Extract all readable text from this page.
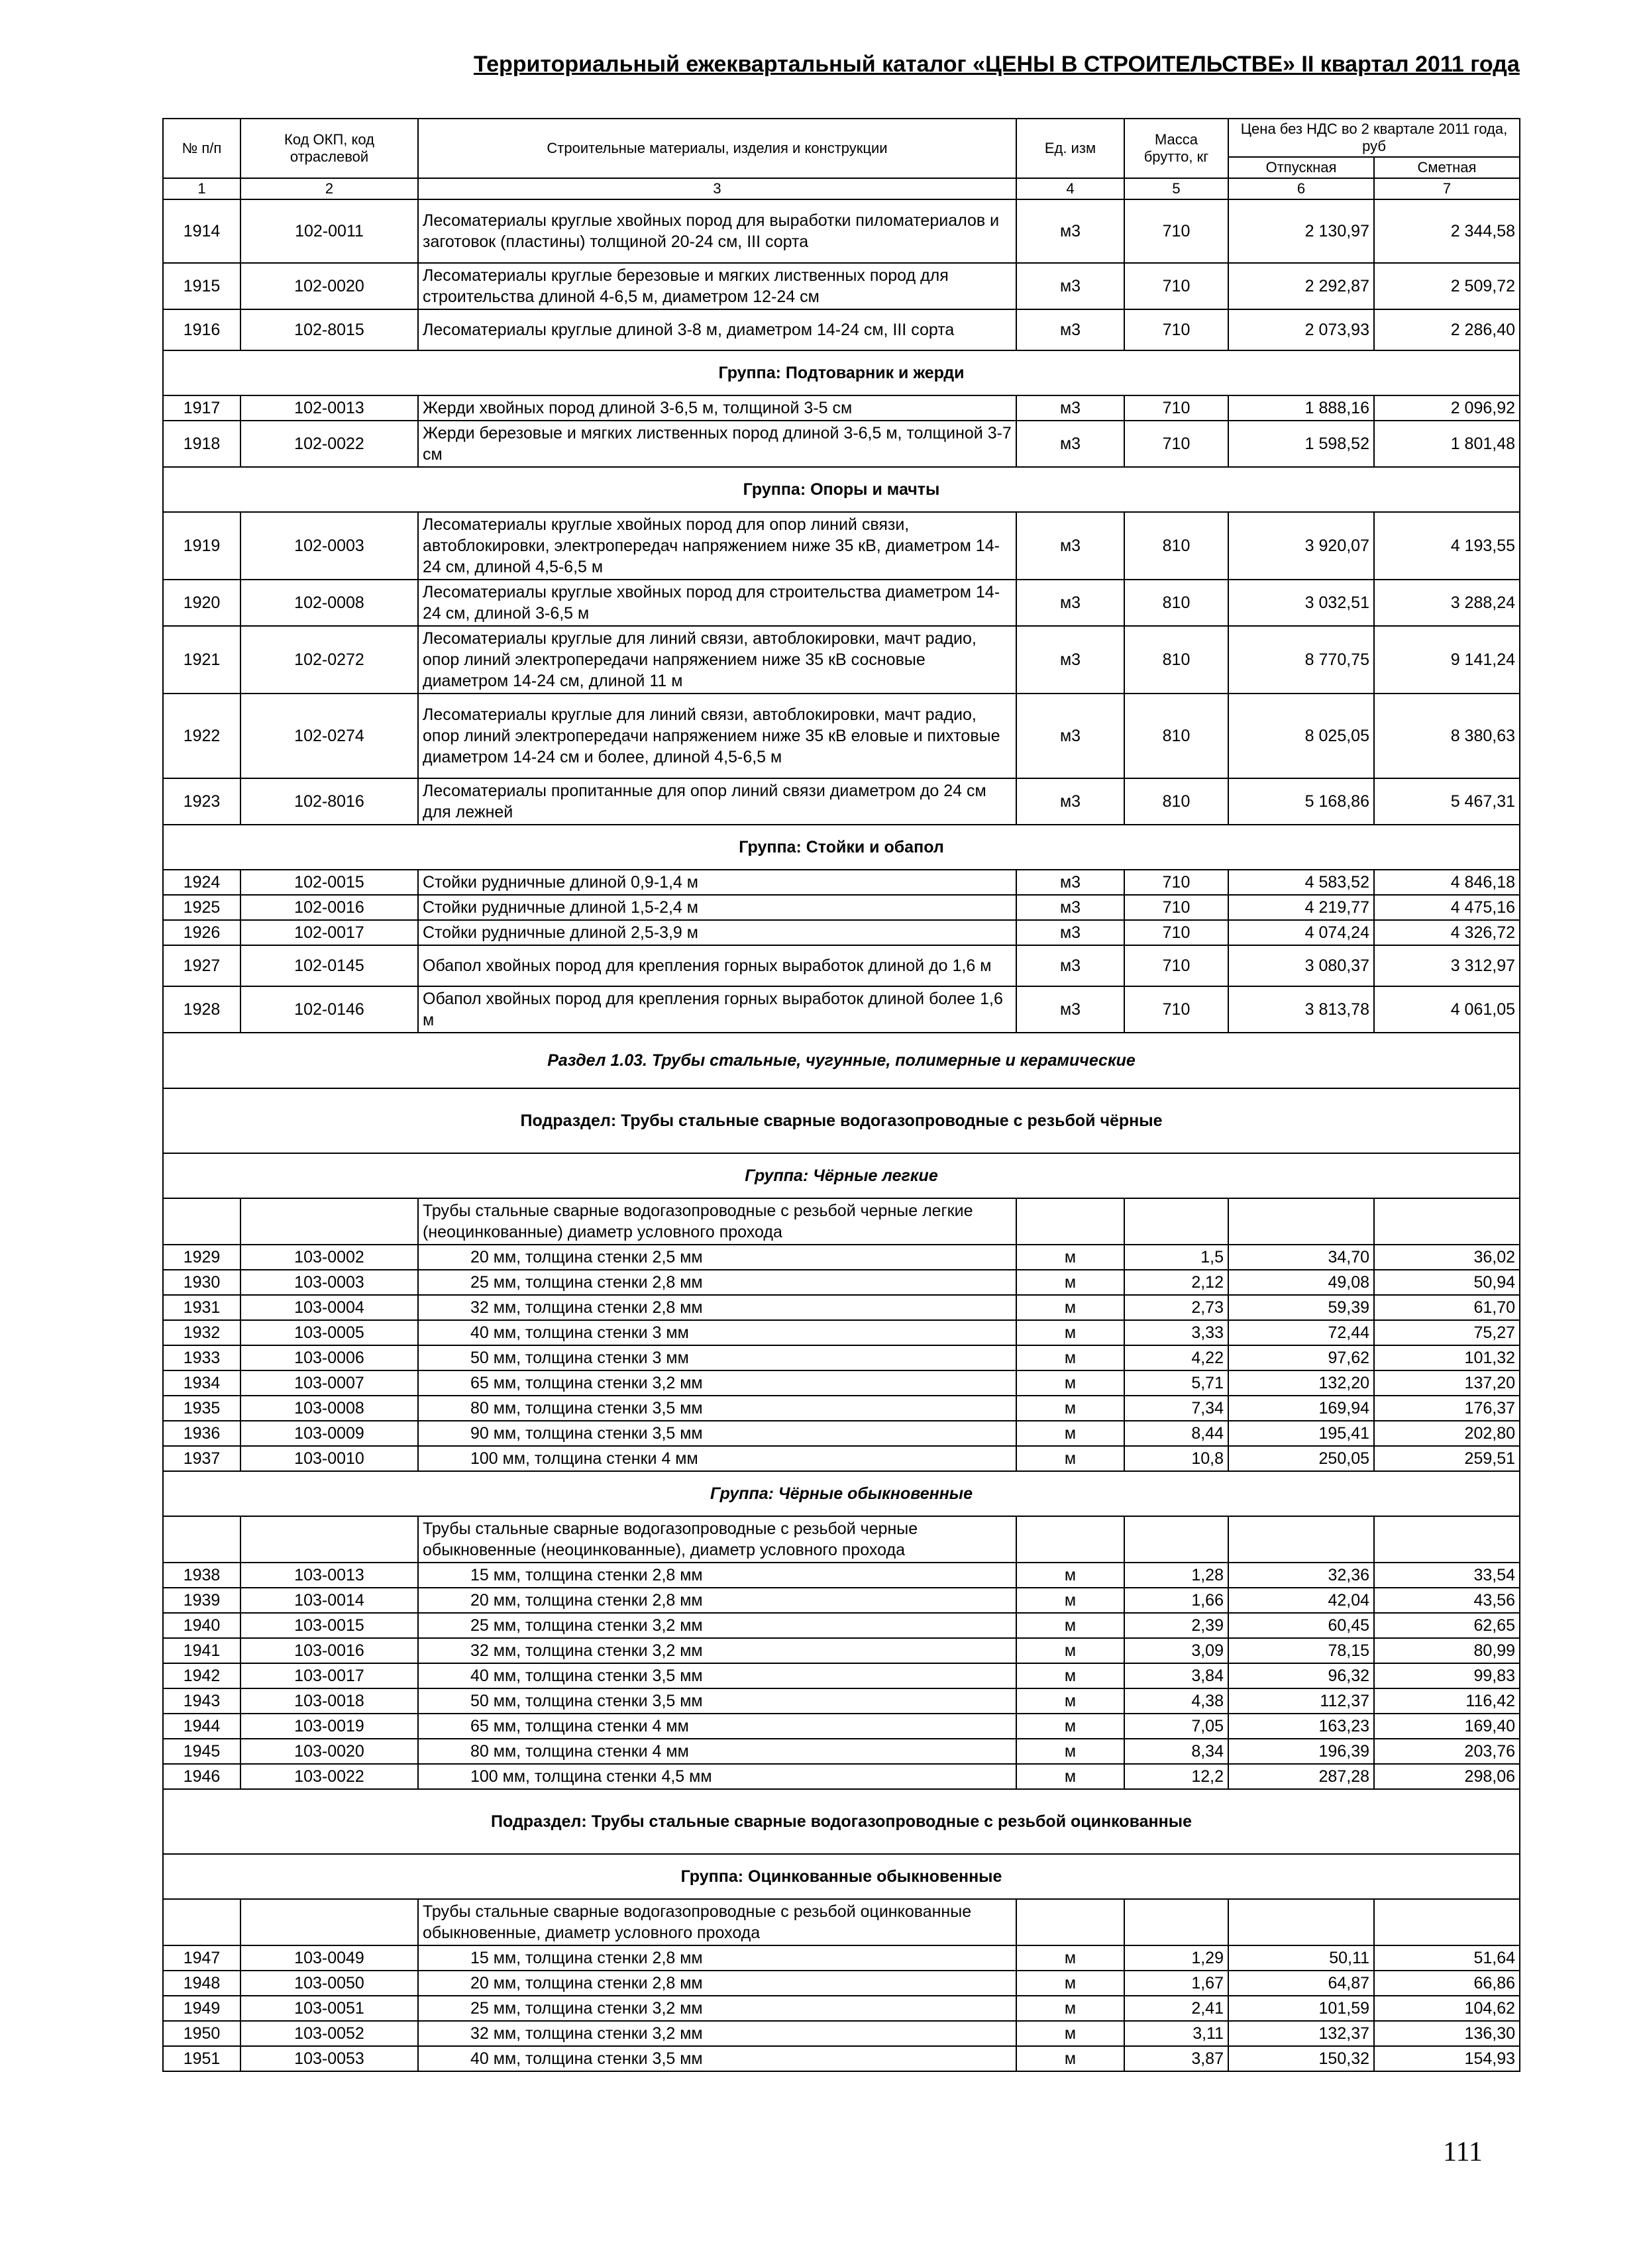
Территориальный ежеквартальный каталог «ЦЕНЫ В СТРОИТЕЛЬСТВЕ» II квартал 2011 года
№ п/п	Код ОКП, код отраслевой	Строительные материалы, изделия и конструкции	Ед. изм	Масса брутто, кг	Цена без НДС во 2 квартале 2011 года, руб	
					Отпускная	Сметная
1	2	3	4	5	6	7
1914	102-0011	Лесоматериалы круглые хвойных пород для выработки пиломатериалов и заготовок (пластины) толщиной 20-24 см, III сорта	м3	710	2 130,97	2 344,58
1915	102-0020	Лесоматериалы круглые березовые и мягких лиственных пород для строительства длиной 4-6,5 м, диаметром 12-24 см	м3	710	2 292,87	2 509,72
1916	102-8015	Лесоматериалы круглые длиной 3-8 м, диаметром 14-24 см, III сорта	м3	710	2 073,93	2 286,40
Группа: Подтоварник и жерди						
1917	102-0013	Жерди хвойных пород длиной 3-6,5 м, толщиной 3-5 см	м3	710	1 888,16	2 096,92
1918	102-0022	Жерди березовые и мягких лиственных пород длиной 3-6,5 м, толщиной 3-7 см	м3	710	1 598,52	1 801,48
Группа: Опоры и мачты						
1919	102-0003	Лесоматериалы круглые хвойных пород для опор линий связи, автоблокировки, электропередач напряжением ниже 35 кВ, диаметром 14-24 см, длиной 4,5-6,5 м	м3	810	3 920,07	4 193,55
1920	102-0008	Лесоматериалы круглые хвойных пород для строительства диаметром 14-24 см, длиной 3-6,5 м	м3	810	3 032,51	3 288,24
1921	102-0272	Лесоматериалы круглые для линий связи, автоблокировки, мачт радио, опор линий электропередачи напряжением ниже 35 кВ сосновые диаметром 14-24 см, длиной 11 м	м3	810	8 770,75	9 141,24
1922	102-0274	Лесоматериалы круглые для линий связи, автоблокировки, мачт радио, опор линий электропередачи напряжением ниже 35 кВ еловые и пихтовые диаметром 14-24 см и более, длиной 4,5-6,5 м	м3	810	8 025,05	8 380,63
1923	102-8016	Лесоматериалы пропитанные для опор линий связи диаметром до 24 см для лежней	м3	810	5 168,86	5 467,31
Группа: Стойки и обапол						
1924	102-0015	Стойки рудничные длиной 0,9-1,4 м	м3	710	4 583,52	4 846,18
1925	102-0016	Стойки рудничные длиной 1,5-2,4 м	м3	710	4 219,77	4 475,16
1926	102-0017	Стойки рудничные длиной 2,5-3,9 м	м3	710	4 074,24	4 326,72
1927	102-0145	Обапол хвойных пород для крепления горных выработок длиной до 1,6 м	м3	710	3 080,37	3 312,97
1928	102-0146	Обапол хвойных пород для крепления горных выработок длиной более 1,6 м	м3	710	3 813,78	4 061,05
Раздел 1.03. Трубы стальные, чугунные, полимерные и керамические						
Подраздел: Трубы стальные сварные водогазопроводные с резьбой чёрные						
Группа: Чёрные легкие						
		Трубы стальные сварные водогазопроводные с резьбой черные легкие (неоцинкованные) диаметр условного прохода				
1929	103-0002	20 мм, толщина стенки 2,5 мм	м	1,5	34,70	36,02
1930	103-0003	25 мм, толщина стенки 2,8 мм	м	2,12	49,08	50,94
1931	103-0004	32 мм, толщина стенки 2,8 мм	м	2,73	59,39	61,70
1932	103-0005	40 мм, толщина стенки 3 мм	м	3,33	72,44	75,27
1933	103-0006	50 мм, толщина стенки 3 мм	м	4,22	97,62	101,32
1934	103-0007	65 мм, толщина стенки 3,2 мм	м	5,71	132,20	137,20
1935	103-0008	80 мм, толщина стенки 3,5 мм	м	7,34	169,94	176,37
1936	103-0009	90 мм, толщина стенки 3,5 мм	м	8,44	195,41	202,80
1937	103-0010	100 мм, толщина стенки 4 мм	м	10,8	250,05	259,51
Группа: Чёрные обыкновенные						
		Трубы стальные сварные водогазопроводные с резьбой черные обыкновенные (неоцинкованные), диаметр условного прохода				
1938	103-0013	15 мм, толщина стенки 2,8 мм	м	1,28	32,36	33,54
1939	103-0014	20 мм, толщина стенки 2,8 мм	м	1,66	42,04	43,56
1940	103-0015	25 мм, толщина стенки 3,2 мм	м	2,39	60,45	62,65
1941	103-0016	32 мм, толщина стенки 3,2 мм	м	3,09	78,15	80,99
1942	103-0017	40 мм, толщина стенки 3,5 мм	м	3,84	96,32	99,83
1943	103-0018	50 мм, толщина стенки 3,5 мм	м	4,38	112,37	116,42
1944	103-0019	65 мм, толщина стенки 4 мм	м	7,05	163,23	169,40
1945	103-0020	80 мм, толщина стенки 4 мм	м	8,34	196,39	203,76
1946	103-0022	100 мм, толщина стенки 4,5 мм	м	12,2	287,28	298,06
Подраздел: Трубы стальные сварные водогазопроводные с резьбой оцинкованные						
Группа: Оцинкованные обыкновенные						
		Трубы стальные сварные водогазопроводные с резьбой оцинкованные обыкновенные, диаметр условного прохода				
1947	103-0049	15 мм, толщина стенки 2,8 мм	м	1,29	50,11	51,64
1948	103-0050	20 мм, толщина стенки 2,8 мм	м	1,67	64,87	66,86
1949	103-0051	25 мм, толщина стенки 3,2 мм	м	2,41	101,59	104,62
1950	103-0052	32 мм, толщина стенки 3,2 мм	м	3,11	132,37	136,30
1951	103-0053	40 мм, толщина стенки 3,5 мм	м	3,87	150,32	154,93
111
